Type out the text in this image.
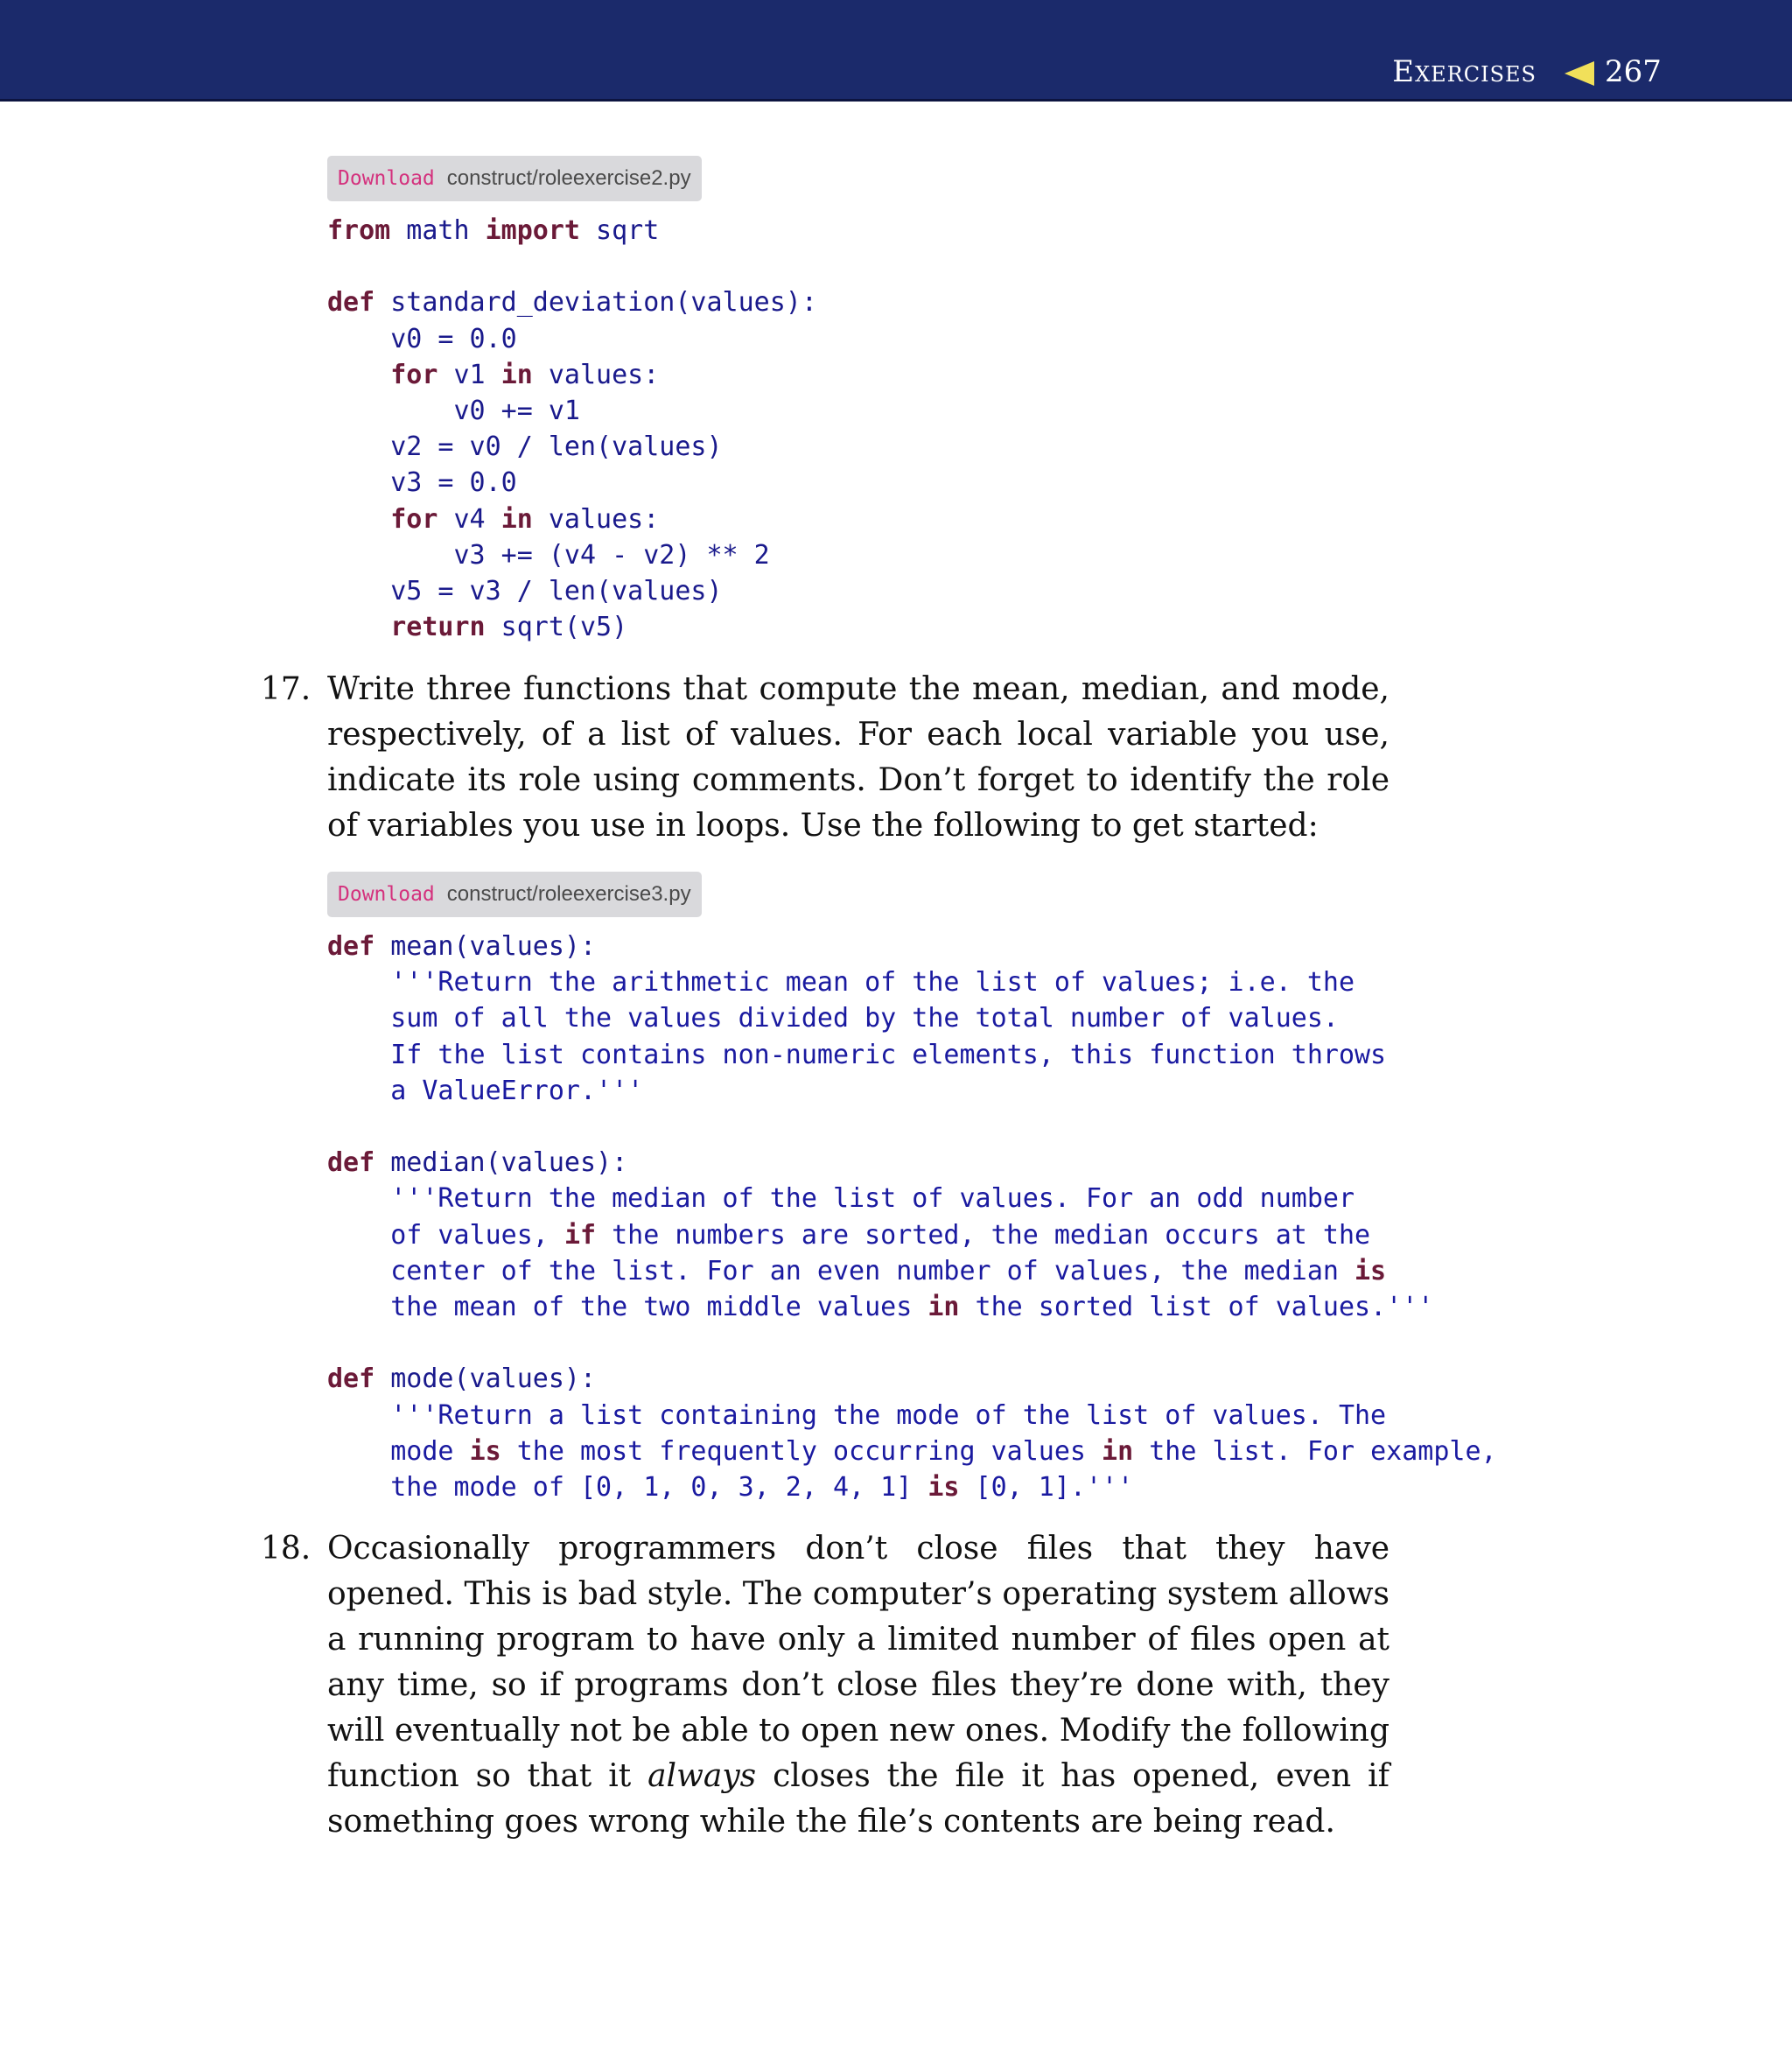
Exercises 267
Download construct/roleexercise2.py
from math import sqrt

def standard_deviation(values):
v0 = 0.0
for v1 in values:
v0 += v1
v2 = v0 / len(values)
v3 = 0.0
for v4 in values:
v3 += (v4 - v2) ** 2
v5 = v3 / len(values)
return sqrt(v5)
17. Write three functions that compute the mean, median, and mode, respectively, of a list of values. For each local variable you use, indicate its role using comments. Don’t forget to identify the role of variables you use in loops. Use the following to get started:
Download construct/roleexercise3.py
def mean(values):
'''Return the arithmetic mean of the list of values; i.e. the
sum of all the values divided by the total number of values.
If the list contains non-numeric elements, this function throws
a ValueError.'''

def median(values):
'''Return the median of the list of values. For an odd number
of values, if the numbers are sorted, the median occurs at the
center of the list. For an even number of values, the median is
the mean of the two middle values in the sorted list of values.'''

def mode(values):
'''Return a list containing the mode of the list of values. The
mode is the most frequently occurring values in the list. For example,
the mode of [0, 1, 0, 3, 2, 4, 1] is [0, 1].'''
18. Occasionally programmers don’t close files that they have opened. This is bad style. The computer’s operating system allows a running program to have only a limited number of files open at any time, so if programs don’t close files they’re done with, they will eventually not be able to open new ones. Modify the following function so that it always closes the file it has opened, even if something goes wrong while the file’s contents are being read.
